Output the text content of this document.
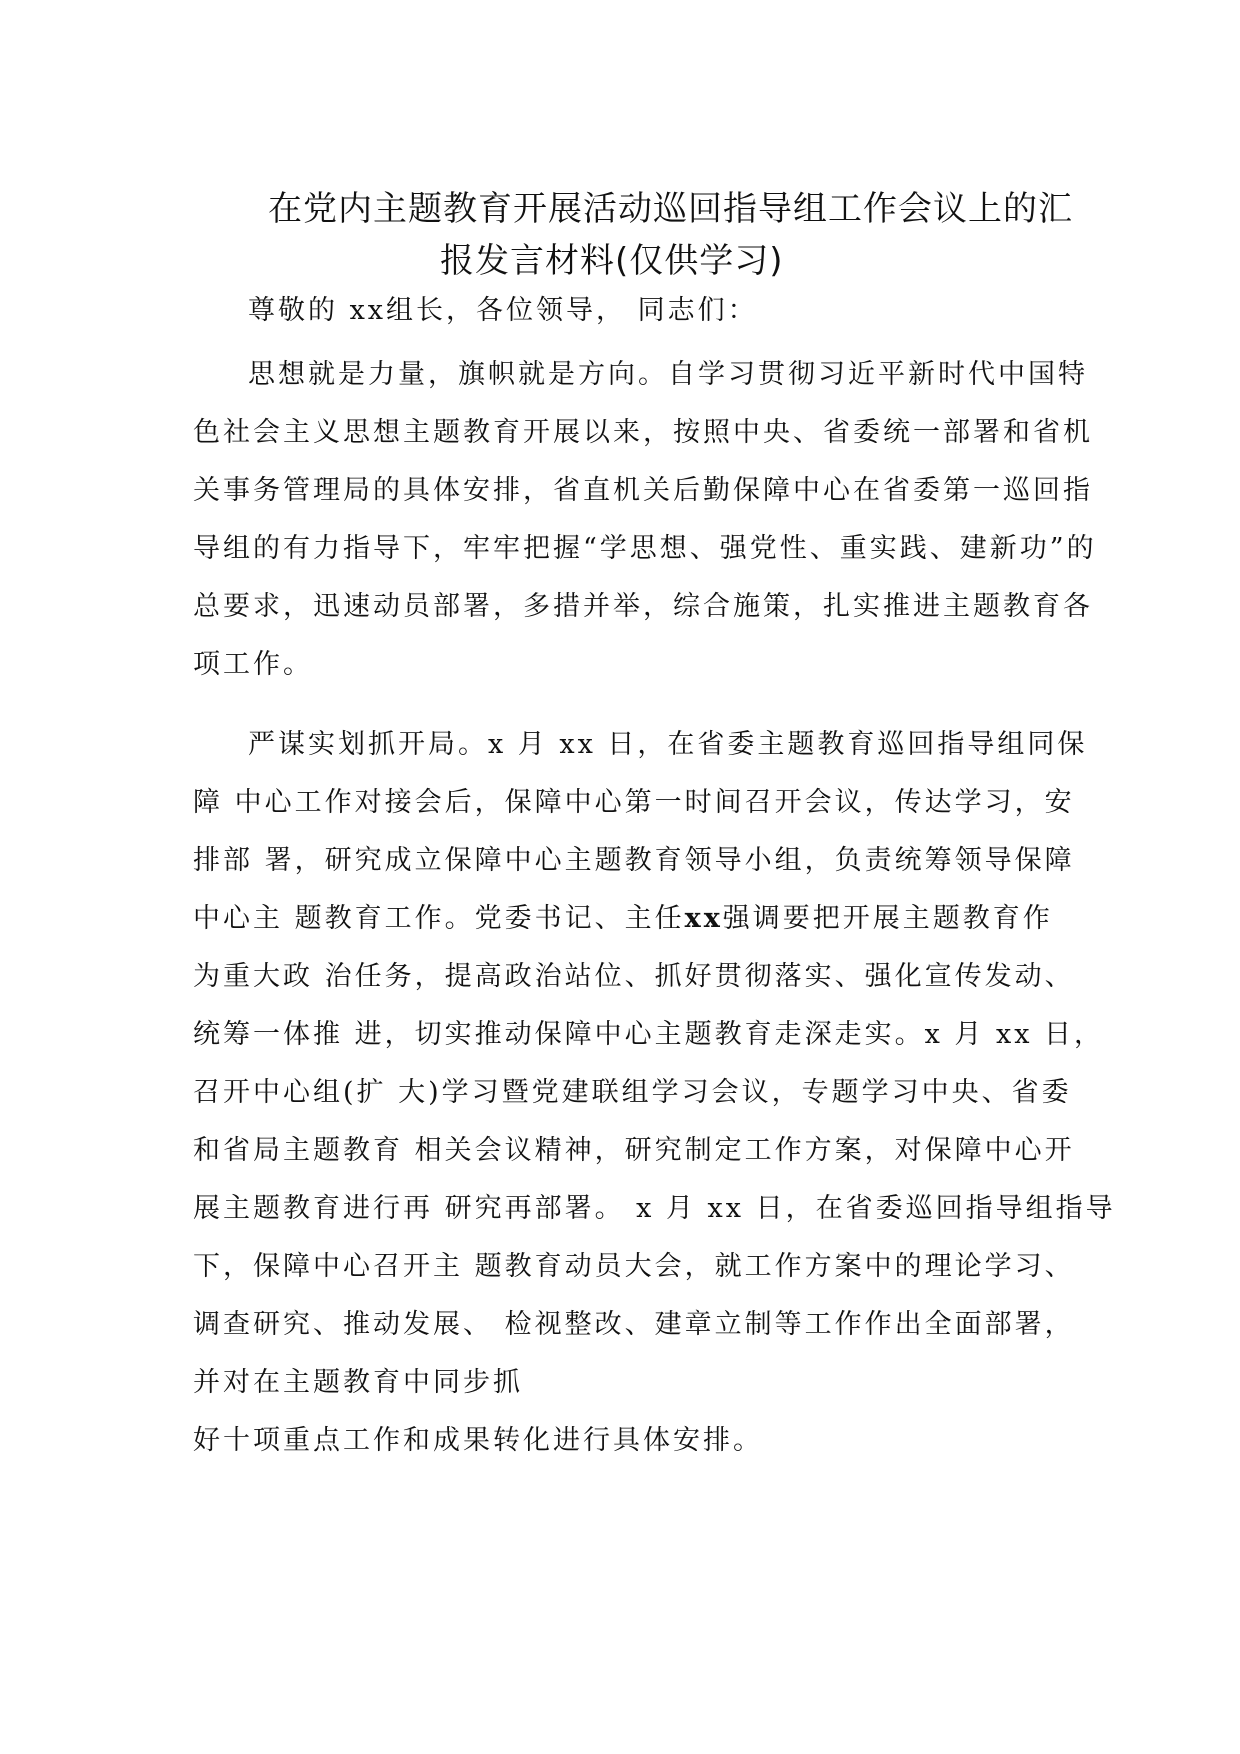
在党内主题教育开展活动巡回指导组工作会议上的汇
报发言材料(仅供学习)
尊敬的 xx组长，各位领导， 同志们：
思想就是力量，旗帜就是方向。自学习贯彻习近平新时代中国特
色社会主义思想主题教育开展以来，按照中央、省委统一部署和省机
关事务管理局的具体安排，省直机关后勤保障中心在省委第一巡回指
导组的有力指导下，牢牢把握“学思想、强党性、重实践、建新功”的
总要求，迅速动员部署，多措并举，综合施策，扎实推进主题教育各
项工作。
严谋实划抓开局。x 月 xx 日，在省委主题教育巡回指导组同保
障 中心工作对接会后，保障中心第一时间召开会议，传达学习，安
排部 署，研究成立保障中心主题教育领导小组，负责统筹领导保障
中心主 题教育工作。党委书记、主任xx强调要把开展主题教育作
为重大政 治任务，提高政治站位、抓好贯彻落实、强化宣传发动、
统筹一体推 进，切实推动保障中心主题教育走深走实。x 月 xx 日，
召开中心组(扩 大)学习暨党建联组学习会议，专题学习中央、省委
和省局主题教育 相关会议精神，研究制定工作方案，对保障中心开
展主题教育进行再 研究再部署。 x 月 xx 日，在省委巡回指导组指导
下，保障中心召开主 题教育动员大会，就工作方案中的理论学习、
调查研究、推动发展、 检视整改、建章立制等工作作出全面部署，
并对在主题教育中同步抓
好十项重点工作和成果转化进行具体安排。
